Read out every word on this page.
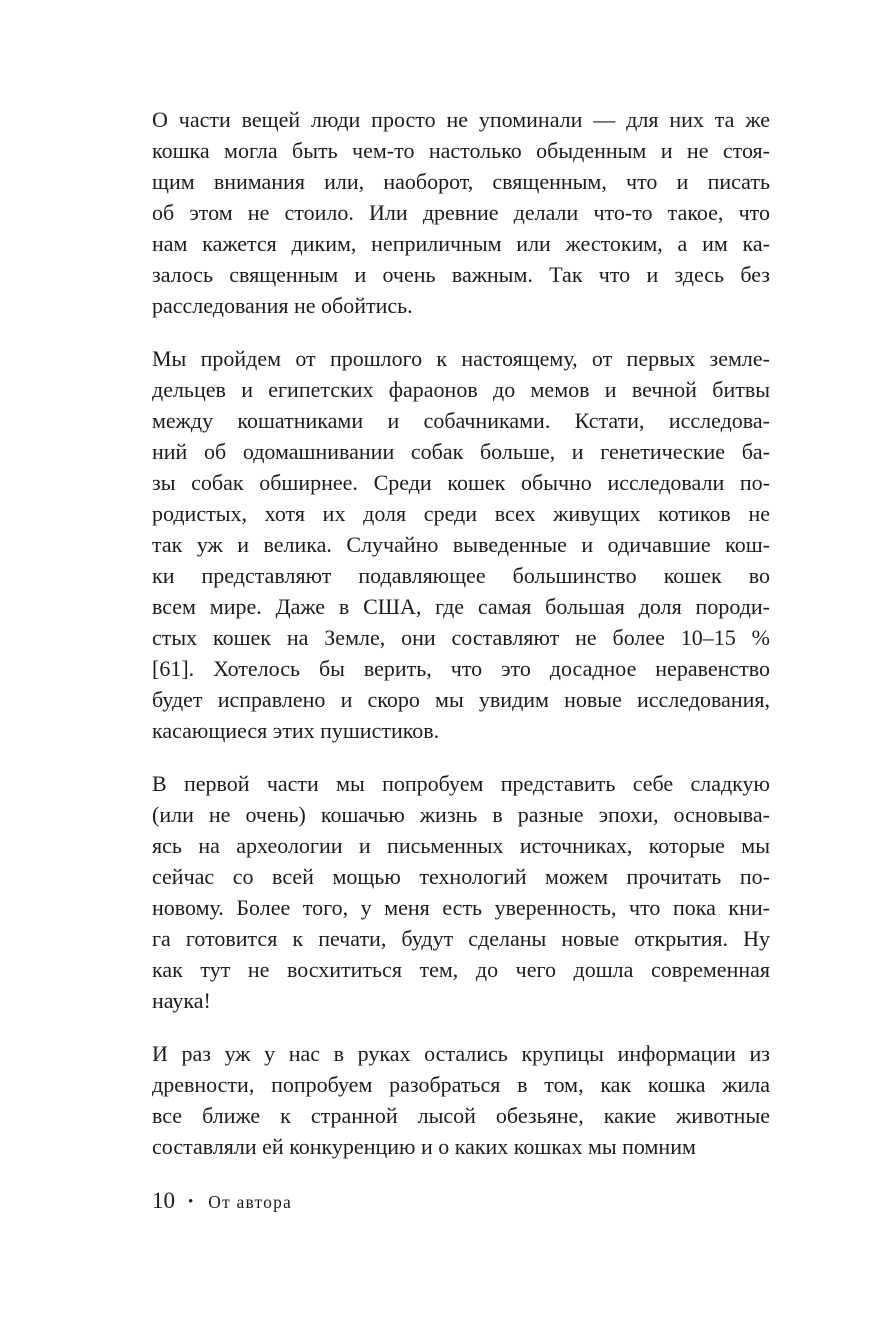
О части вещей люди просто не упоминали — для них та же
кошка могла быть чем-то настолько обыденным и не стоя-
щим внимания или, наоборот, священным, что и писать
об этом не стоило. Или древние делали что-то такое, что
нам кажется диким, неприличным или жестоким, а им ка-
залось священным и очень важным. Так что и здесь без
расследования не обойтись.

Мы пройдем от прошлого к настоящему, от первых земле-
дельцев и египетских фараонов до мемов и вечной битвы
между кошатниками и собачниками. Кстати, исследова-
ний об одомашнивании собак больше, и генетические ба-
зы собак обширнее. Среди кошек обычно исследовали по-
родистых, хотя их доля среди всех живущих котиков не
так уж и велика. Случайно выведенные и одичавшие кош-
ки представляют подавляющее большинство кошек во
всем мире. Даже в США, где самая большая доля породи-
стых кошек на Земле, они составляют не более 10–15 %
[61]. Хотелось бы верить, что это досадное неравенство
будет исправлено и скоро мы увидим новые исследования,
касающиеся этих пушистиков.

В первой части мы попробуем представить себе сладкую
(или не очень) кошачью жизнь в разные эпохи, основыва-
ясь на археологии и письменных источниках, которые мы
сейчас со всей мощью технологий можем прочитать по-
новому. Более того, у меня есть уверенность, что пока кни-
га готовится к печати, будут сделаны новые открытия. Ну
как тут не восхититься тем, до чего дошла современная
наука!

И раз уж у нас в руках остались крупицы информации из
древности, попробуем разобраться в том, как кошка жила
все ближе к странной лысой обезьяне, какие животные
составляли ей конкуренцию и о каких кошках мы помним

10 • От автора
